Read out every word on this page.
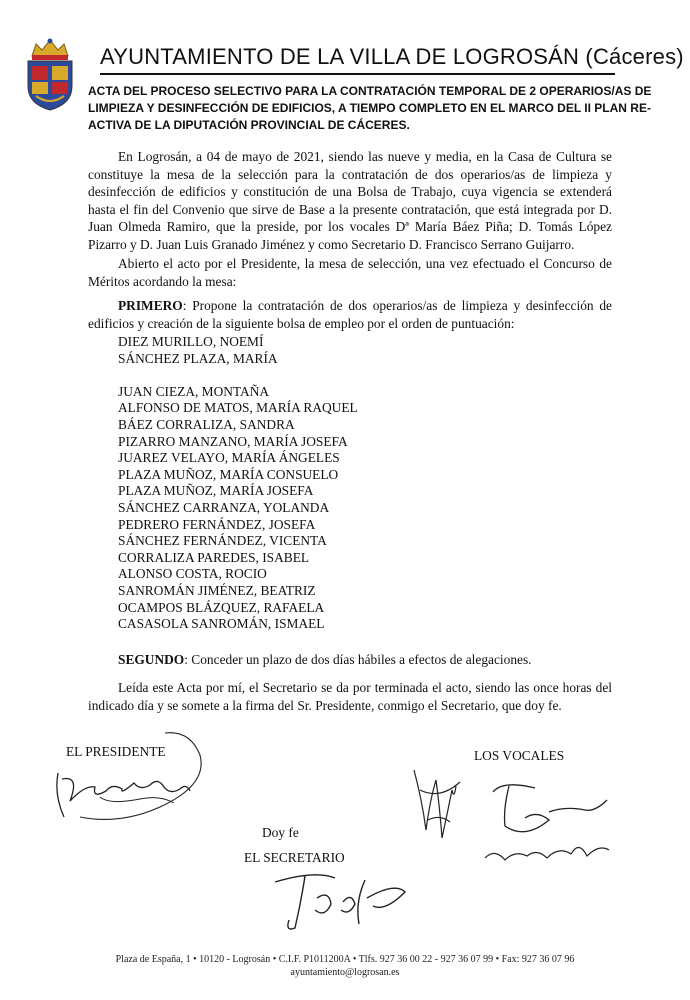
AYUNTAMIENTO DE LA VILLA DE LOGROSÁN (Cáceres)
ACTA DEL PROCESO SELECTIVO PARA LA CONTRATACIÓN TEMPORAL DE 2 OPERARIOS/AS DE
LIMPIEZA Y DESINFECCIÓN DE EDIFICIOS, A TIEMPO COMPLETO EN EL MARCO DEL II PLAN RE-
ACTIVA DE LA DIPUTACIÓN PROVINCIAL DE CÁCERES.

En Logrosán, a 04 de mayo de 2021, siendo las nueve y media, en la Casa de Cultura se constituye la mesa de la selección para la contratación de dos operarios/as de limpieza y desinfección de edificios y constitución de una Bolsa de Trabajo, cuya vigencia se extenderá hasta el fin del Convenio que sirve de Base a la presente contratación, que está integrada por D. Juan Olmeda Ramiro, que la preside, por los vocales Dª María Báez Piña; D. Tomás López Pizarro y D. Juan Luis Granado Jiménez y como Secretario D. Francisco Serrano Guijarro.

Abierto el acto por el Presidente, la mesa de selección, una vez efectuado el Concurso de Méritos acordando la mesa:

PRIMERO: Propone la contratación de dos operarios/as de limpieza y desinfección de edificios y creación de la siguiente bolsa de empleo por el orden de puntuación:

DIEZ MURILLO, NOEMÍ
SÁNCHEZ PLAZA, MARÍA
JUAN CIEZA, MONTAÑA
ALFONSO DE MATOS, MARÍA RAQUEL
BÁEZ CORRALIZA, SANDRA
PIZARRO MANZANO, MARÍA JOSEFA
JUAREZ VELAYO, MARÍA ÁNGELES
PLAZA MUÑOZ, MARÍA CONSUELO
PLAZA MUÑOZ, MARÍA JOSEFA
SÁNCHEZ CARRANZA, YOLANDA
PEDRERO FERNÁNDEZ, JOSEFA
SÁNCHEZ FERNÁNDEZ, VICENTA
CORRALIZA PAREDES, ISABEL
ALONSO COSTA, ROCIO
SANROMÁN JIMÉNEZ, BEATRIZ
OCAMPOS BLÁZQUEZ, RAFAELA
CASASOLA SANROMÁN, ISMAEL

SEGUNDO: Conceder un plazo de dos días hábiles a efectos de alegaciones.

Leída este Acta por mí, el Secretario se da por terminada el acto, siendo las once horas del indicado día y se somete a la firma del Sr. Presidente, conmigo el Secretario, que doy fe.

EL PRESIDENTE	LOS VOCALES
Doy fe
EL SECRETARIO
Plaza de España, 1 • 10120 - Logrosán • C.I.F. P1011200A • Tlfs. 927 36 00 22 - 927 36 07 99 • Fax: 927 36 07 96
ayuntamiento@logrosan.es
